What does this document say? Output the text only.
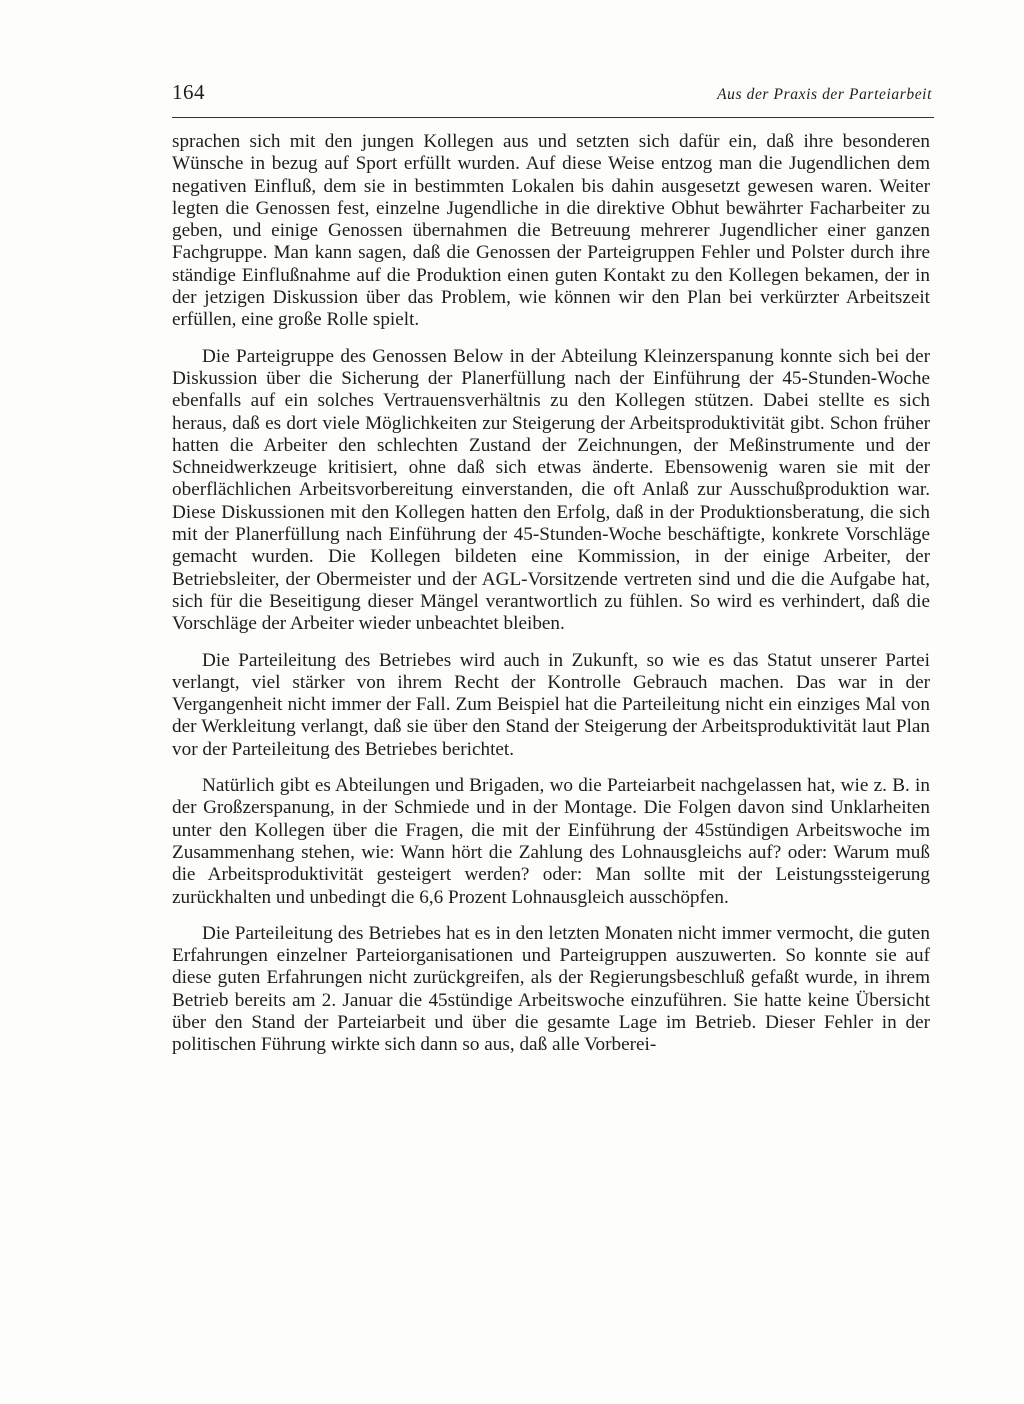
164	Aus der Praxis der Parteiarbeit

sprachen sich mit den jungen Kollegen aus und setzten sich dafür ein, daß ihre besonderen Wünsche in bezug auf Sport erfüllt wurden. Auf diese Weise entzog man die Jugendlichen dem negativen Einfluß, dem sie in bestimmten Lokalen bis dahin ausgesetzt gewesen waren. Weiter legten die Genossen fest, einzelne Jugendliche in die direktive Obhut bewährter Facharbeiter zu geben, und einige Genossen übernahmen die Betreuung mehrerer Jugendlicher einer ganzen Fachgruppe. Man kann sagen, daß die Genossen der Parteigruppen Fehler und Polster durch ihre ständige Einflußnahme auf die Produktion einen guten Kontakt zu den Kollegen bekamen, der in der jetzigen Diskussion über das Problem, wie können wir den Plan bei verkürzter Arbeitszeit erfüllen, eine große Rolle spielt.

Die Parteigruppe des Genossen Below in der Abteilung Kleinzerspanung konnte sich bei der Diskussion über die Sicherung der Planerfüllung nach der Einführung der 45-Stunden-Woche ebenfalls auf ein solches Vertrauensverhältnis zu den Kollegen stützen. Dabei stellte es sich heraus, daß es dort viele Möglichkeiten zur Steigerung der Arbeitsproduktivität gibt. Schon früher hatten die Arbeiter den schlechten Zustand der Zeichnungen, der Meßinstrumente und der Schneidwerkzeuge kritisiert, ohne daß sich etwas änderte. Ebensowenig waren sie mit der oberflächlichen Arbeitsvorbereitung einverstanden, die oft Anlaß zur Ausschußproduktion war. Diese Diskussionen mit den Kollegen hatten den Erfolg, daß in der Produktionsberatung, die sich mit der Planerfüllung nach Einführung der 45-Stunden-Woche beschäftigte, konkrete Vorschläge gemacht wurden. Die Kollegen bildeten eine Kommission, in der einige Arbeiter, der Betriebsleiter, der Obermeister und der AGL-Vorsitzende vertreten sind und die die Aufgabe hat, sich für die Beseitigung dieser Mängel verantwortlich zu fühlen. So wird es verhindert, daß die Vorschläge der Arbeiter wieder unbeachtet bleiben.

Die Parteileitung des Betriebes wird auch in Zukunft, so wie es das Statut unserer Partei verlangt, viel stärker von ihrem Recht der Kontrolle Gebrauch machen. Das war in der Vergangenheit nicht immer der Fall. Zum Beispiel hat die Parteileitung nicht ein einziges Mal von der Werkleitung verlangt, daß sie über den Stand der Steigerung der Arbeitsproduktivität laut Plan vor der Parteileitung des Betriebes berichtet.

Natürlich gibt es Abteilungen und Brigaden, wo die Parteiarbeit nachgelassen hat, wie z. B. in der Großzerspanung, in der Schmiede und in der Montage. Die Folgen davon sind Unklarheiten unter den Kollegen über die Fragen, die mit der Einführung der 45stündigen Arbeitswoche im Zusammenhang stehen, wie: Wann hört die Zahlung des Lohnausgleichs auf? oder: Warum muß die Arbeitsproduktivität gesteigert werden? oder: Man sollte mit der Leistungssteigerung zurückhalten und unbedingt die 6,6 Prozent Lohnausgleich ausschöpfen.

Die Parteileitung des Betriebes hat es in den letzten Monaten nicht immer vermocht, die guten Erfahrungen einzelner Parteiorganisationen und Parteigruppen auszuwerten. So konnte sie auf diese guten Erfahrungen nicht zurückgreifen, als der Regierungsbeschluß gefaßt wurde, in ihrem Betrieb bereits am 2. Januar die 45stündige Arbeitswoche einzuführen. Sie hatte keine Übersicht über den Stand der Parteiarbeit und über die gesamte Lage im Betrieb. Dieser Fehler in der politischen Führung wirkte sich dann so aus, daß alle Vorberei-
